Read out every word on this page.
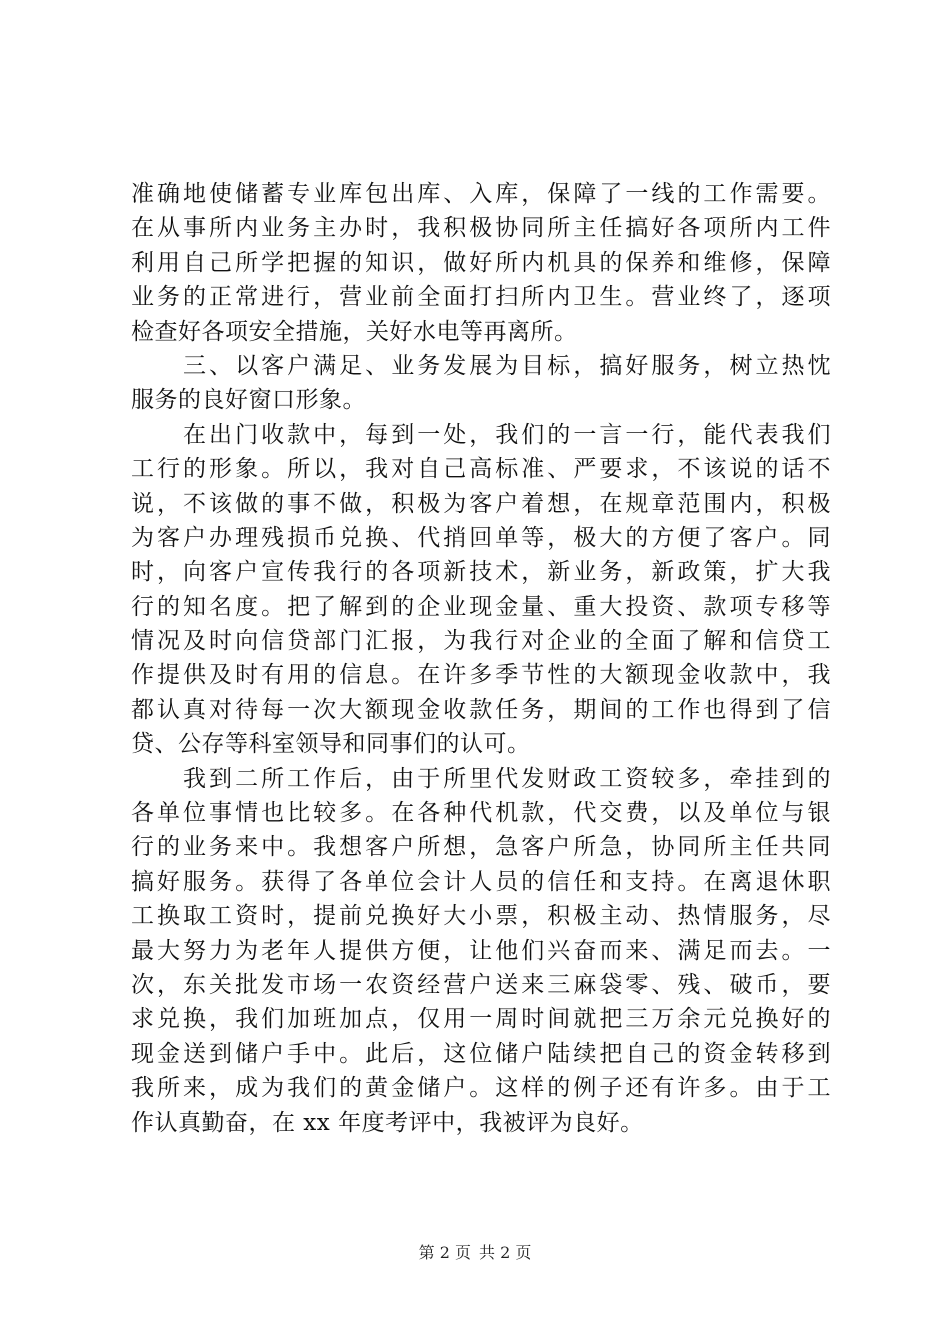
准确地使储蓄专业库包出库、入库，保障了一线的工作需要。
在从事所内业务主办时，我积极协同所主任搞好各项所内工件
利用自己所学把握的知识，做好所内机具的保养和维修，保障
业务的正常进行，营业前全面打扫所内卫生。营业终了，逐项
检查好各项安全措施，关好水电等再离所。
　　三、以客户满足、业务发展为目标，搞好服务，树立热忱
服务的良好窗口形象。
　　在出门收款中，每到一处，我们的一言一行，能代表我们
工行的形象。所以，我对自己高标准、严要求，不该说的话不
说，不该做的事不做，积极为客户着想，在规章范围内，积极
为客户办理残损币兑换、代捎回单等，极大的方便了客户。同
时，向客户宣传我行的各项新技术，新业务，新政策，扩大我
行的知名度。把了解到的企业现金量、重大投资、款项专移等
情况及时向信贷部门汇报，为我行对企业的全面了解和信贷工
作提供及时有用的信息。在许多季节性的大额现金收款中，我
都认真对待每一次大额现金收款任务，期间的工作也得到了信
贷、公存等科室领导和同事们的认可。
　　我到二所工作后，由于所里代发财政工资较多，牵挂到的
各单位事情也比较多。在各种代机款，代交费，以及单位与银
行的业务来中。我想客户所想，急客户所急，协同所主任共同
搞好服务。获得了各单位会计人员的信任和支持。在离退休职
工换取工资时，提前兑换好大小票，积极主动、热情服务，尽
最大努力为老年人提供方便，让他们兴奋而来、满足而去。一
次，东关批发市场一农资经营户送来三麻袋零、残、破币，要
求兑换，我们加班加点，仅用一周时间就把三万余元兑换好的
现金送到储户手中。此后，这位储户陆续把自己的资金转移到
我所来，成为我们的黄金储户。这样的例子还有许多。由于工
作认真勤奋，在 xx 年度考评中，我被评为良好。
第 2 页 共 2 页
